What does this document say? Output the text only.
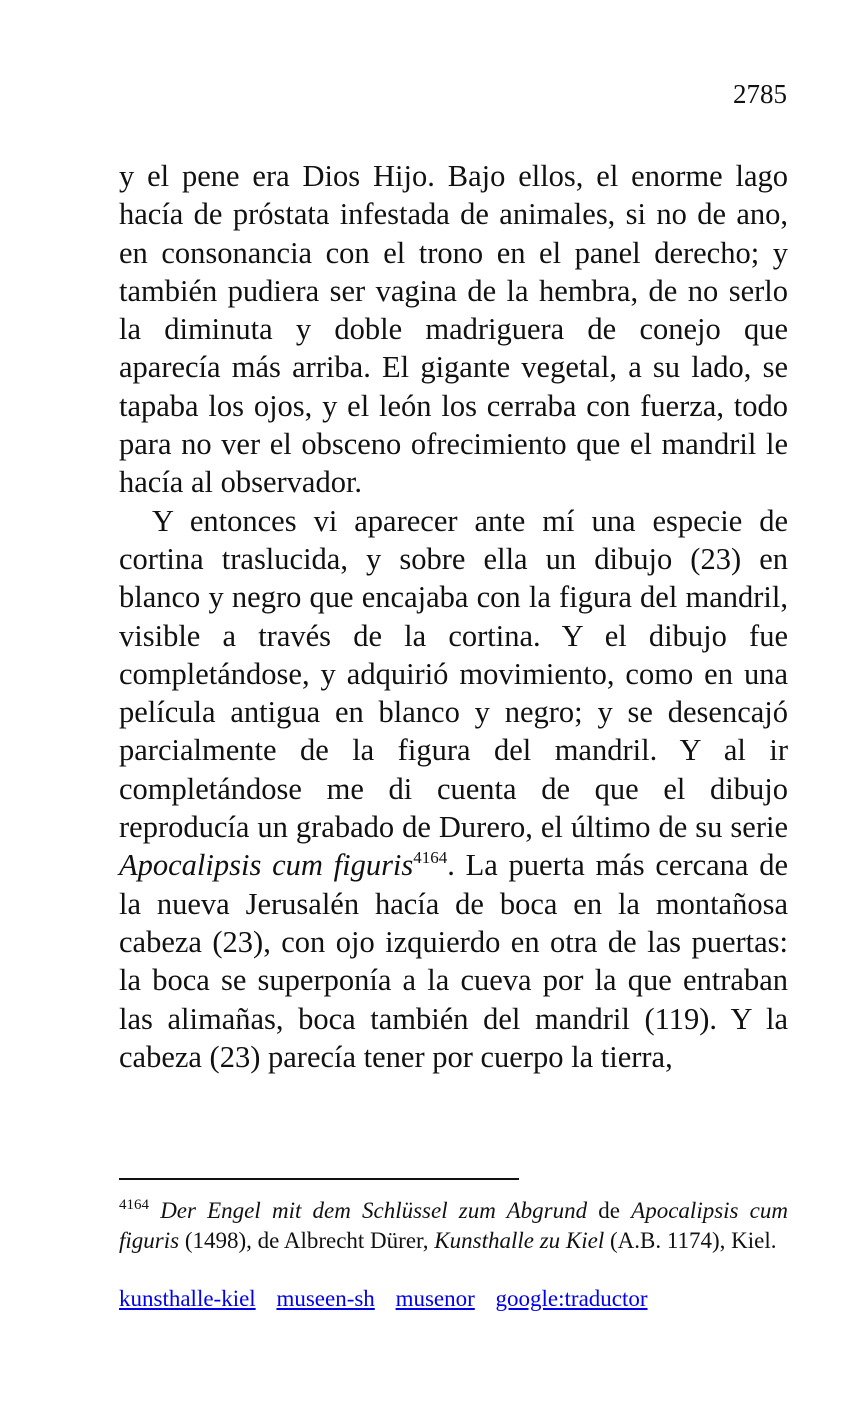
2785

y el pene era Dios Hijo. Bajo ellos, el enorme lago hacía de próstata infestada de animales, si no de ano, en consonancia con el trono en el panel derecho; y también pudiera ser vagina de la hembra, de no serlo la diminuta y doble madriguera de conejo que aparecía más arriba. El gigante vegetal, a su lado, se tapaba los ojos, y el león los cerraba con fuerza, todo para no ver el obsceno ofrecimiento que el mandril le hacía al observador.

Y entonces vi aparecer ante mí una especie de cortina traslucida, y sobre ella un dibujo (23) en blanco y negro que encajaba con la figura del mandril, visible a través de la cortina. Y el dibujo fue completándose, y adquirió movimiento, como en una película antigua en blanco y negro; y se desencajó parcialmente de la figura del mandril. Y al ir completándose me di cuenta de que el dibujo reproducía un grabado de Durero, el último de su serie Apocalipsis cum figuris$^{4164}$. La puerta más cercana de la nueva Jerusalén hacía de boca en la montañosa cabeza (23), con ojo izquierdo en otra de las puertas: la boca se superponía a la cueva por la que entraban las alimañas, boca también del mandril (119). Y la cabeza (23) parecía tener por cuerpo la tierra,

$^{4164}$ Der Engel mit dem Schlüssel zum Abgrund de Apocalipsis cum figuris (1498), de Albrecht Dürer, Kunsthalle zu Kiel (A.B. 1174), Kiel.

kunsthalle-kiel museen-sh musenor google:traductor
